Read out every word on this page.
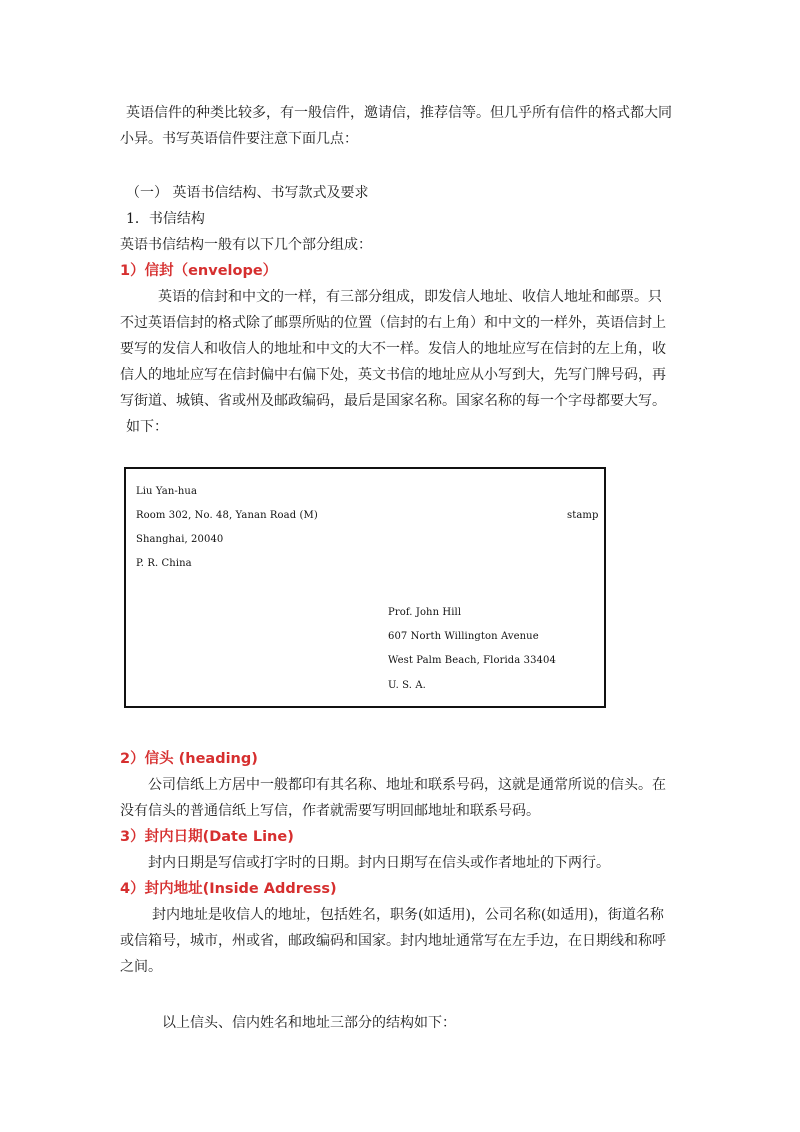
英语信件的种类比较多，有一般信件，邀请信，推荐信等。但几乎所有信件的格式都大同
小异。书写英语信件要注意下面几点：
（一） 英语书信结构、书写款式及要求
1．书信结构
英语书信结构一般有以下几个部分组成：
1）信封（envelope）
英语的信封和中文的一样，有三部分组成，即发信人地址、收信人地址和邮票。只
不过英语信封的格式除了邮票所贴的位置（信封的右上角）和中文的一样外，英语信封上
要写的发信人和收信人的地址和中文的大不一样。发信人的地址应写在信封的左上角，收
信人的地址应写在信封偏中右偏下处，英文书信的地址应从小写到大，先写门牌号码，再
写街道、城镇、省或州及邮政编码，最后是国家名称。国家名称的每一个字母都要大写。
如下：
Liu Yan-hua
Room 302, No. 48, Yanan Road (M)	stamp
Shanghai, 20040
P. R. China
Prof. John Hill
607 North Willington Avenue
West Palm Beach, Florida 33404
U. S. A.
2）信头 (heading)
公司信纸上方居中一般都印有其名称、地址和联系号码，这就是通常所说的信头。在
没有信头的普通信纸上写信，作者就需要写明回邮地址和联系号码。
3）封内日期(Date Line)
封内日期是写信或打字时的日期。封内日期写在信头或作者地址的下两行。
4）封内地址(Inside Address)
封内地址是收信人的地址，包括姓名，职务(如适用)，公司名称(如适用)，街道名称
或信箱号，城市，州或省，邮政编码和国家。封内地址通常写在左手边，在日期线和称呼
之间。
以上信头、信内姓名和地址三部分的结构如下：
